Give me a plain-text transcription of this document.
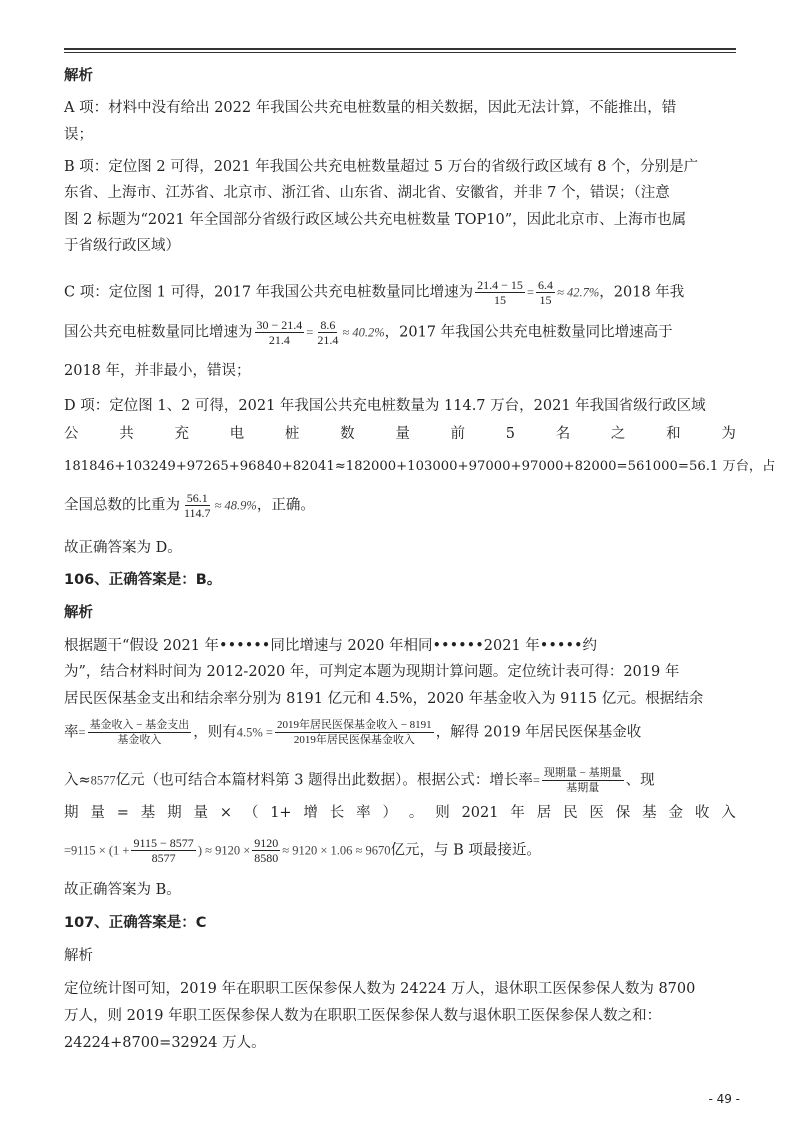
解析

A 项：材料中没有给出 2022 年我国公共充电桩数量的相关数据，因此无法计算，不能推出，错

误；

B 项：定位图 2 可得，2021 年我国公共充电桩数量超过 5 万台的省级行政区域有 8 个，分别是广

东省、上海市、江苏省、北京市、浙江省、山东省、湖北省、安徽省，并非 7 个，错误；（注意

图 2 标题为“2021 年全国部分省级行政区域公共充电桩数量 TOP10”，因此北京市、上海市也属

于省级行政区域）

C 项：定位图 1 可得，2017 年我国公共充电桩数量同比增速为 $\frac{21.4 - 15}{15} = \frac{6.4}{15} \approx 42.7\%$，2018 年我
国公共充电桩数量同比增速为 $\frac{30 - 21.4}{21.4} = \frac{8.6}{21.4} \approx 40.2\%$，2017 年我国公共充电桩数量同比增速高于

2018 年，并非最小，错误；

D 项：定位图 1、2 可得，2021 年我国公共充电桩数量为 114.7 万台，2021 年我国省级行政区域

公	共	充	电	桩	数	量	前	5	名	之	和	为

181846+103249+97265+96840+82041≈182000+103000+97000+97000+82000=561000=56.1 万台，占

全国总数的比重为 $\frac{56.1}{114.7} \approx 48.9\%$，正确。

故正确答案为 D。

106、正确答案是：B。

解析

根据题干“假设 2021 年••••••同比增速与 2020 年相同••••••2021 年•••••约

为”，结合材料时间为 2012-2020 年，可判定本题为现期计算问题。定位统计表可得：2019 年

居民医保基金支出和结余率分别为 8191 亿元和 4.5%，2020 年基金收入为 9115 亿元。根据结余

率= $\frac{\text{基金收入 − 基金支出}}{\text{基金收入}}$ ，则有$4.5\% = \frac{\text{2019年居民医保基金收入 − 8191}}{\text{2019年居民医保基金收入}}$ ，解得 2019 年居民医保基金收
入≈8577亿元（也可结合本篇材料第 3 题得出此数据）。根据公式：增长率= $\frac{\text{现期量 − 基期量}}{\text{基期量}}$ 、现
期 量 = 基 期 量 × （ 1+ 增 长 率 ） 。 则 2021 年 居 民 医 保 基 金 收 入
$=9115 \times (1 + \frac{9115 - 8577}{8577}$ ) ≈ $9120 \times \frac{9120}{8580} \approx 9120 \times 1.06 \approx 9670$亿元，与 B 项最接近。

故正确答案为 B。

107、正确答案是：C

解析

定位统计图可知，2019 年在职职工医保参保人数为 24224 万人，退休职工医保参保人数为 8700

万人，则 2019 年职工医保参保人数为在职职工医保参保人数与退休职工医保参保人数之和：

24224+8700=32924 万人。

- 49 -
